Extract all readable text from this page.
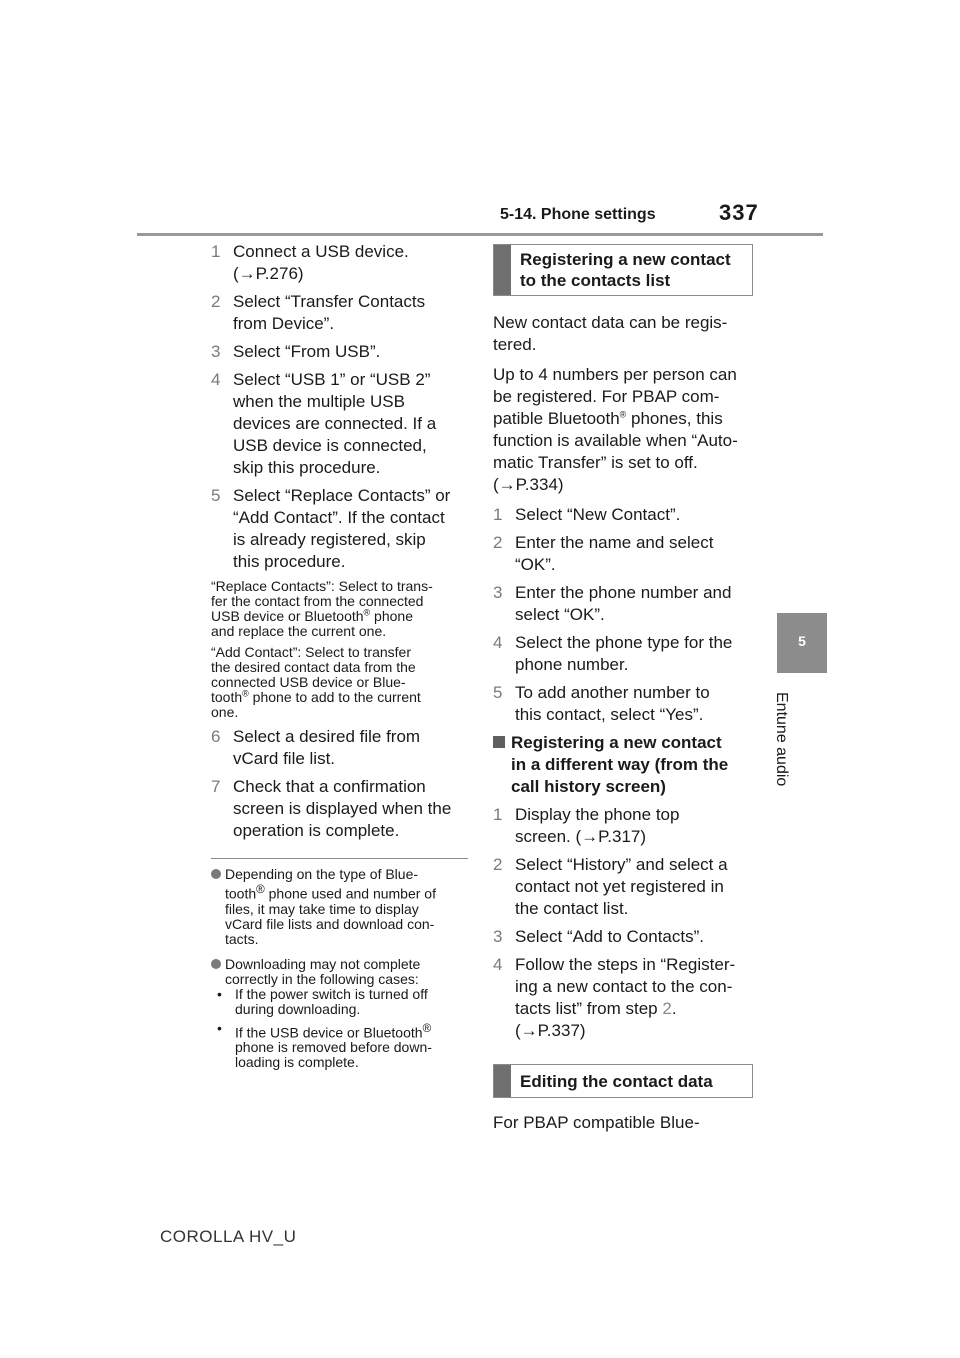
5-14. Phone settings	337
5
Entune audio
1 Connect a USB device.
(→P.276)
2 Select “Transfer Contacts
from Device”.
3 Select “From USB”.
4 Select “USB 1” or “USB 2”
when the multiple USB
devices are connected. If a
USB device is connected,
skip this procedure.
5 Select “Replace Contacts” or
“Add Contact”. If the contact
is already registered, skip
this procedure.
“Replace Contacts”: Select to trans-
fer the contact from the connected
USB device or Bluetooth® phone
and replace the current one.
“Add Contact”: Select to transfer
the desired contact data from the
connected USB device or Blue-
tooth® phone to add to the current
one.
6 Select a desired file from
vCard file list.
7 Check that a confirmation
screen is displayed when the
operation is complete.
Depending on the type of Blue-
tooth® phone used and number of
files, it may take time to display
vCard file lists and download con-
tacts.
Downloading may not complete
correctly in the following cases:
• If the power switch is turned off
during downloading.
• If the USB device or Bluetooth®
phone is removed before down-
loading is complete.
Registering a new contact
to the contacts list

New contact data can be regis-
tered.

Up to 4 numbers per person can
be registered. For PBAP com-
patible Bluetooth® phones, this
function is available when “Auto-
matic Transfer” is set to off.
(→P.334)

1 Select “New Contact”.
2 Enter the name and select
“OK”.
3 Enter the phone number and
select “OK”.
4 Select the phone type for the
phone number.
5 To add another number to
this contact, select “Yes”.
Registering a new contact
in a different way (from the
call history screen)
1 Display the phone top
screen. (→P.317)
2 Select “History” and select a
contact not yet registered in
the contact list.
3 Select “Add to Contacts”.
4 Follow the steps in “Register-
ing a new contact to the con-
tacts list” from step 2.
(→P.337)
Editing the contact data

For PBAP compatible Blue-

COROLLA HV_U
